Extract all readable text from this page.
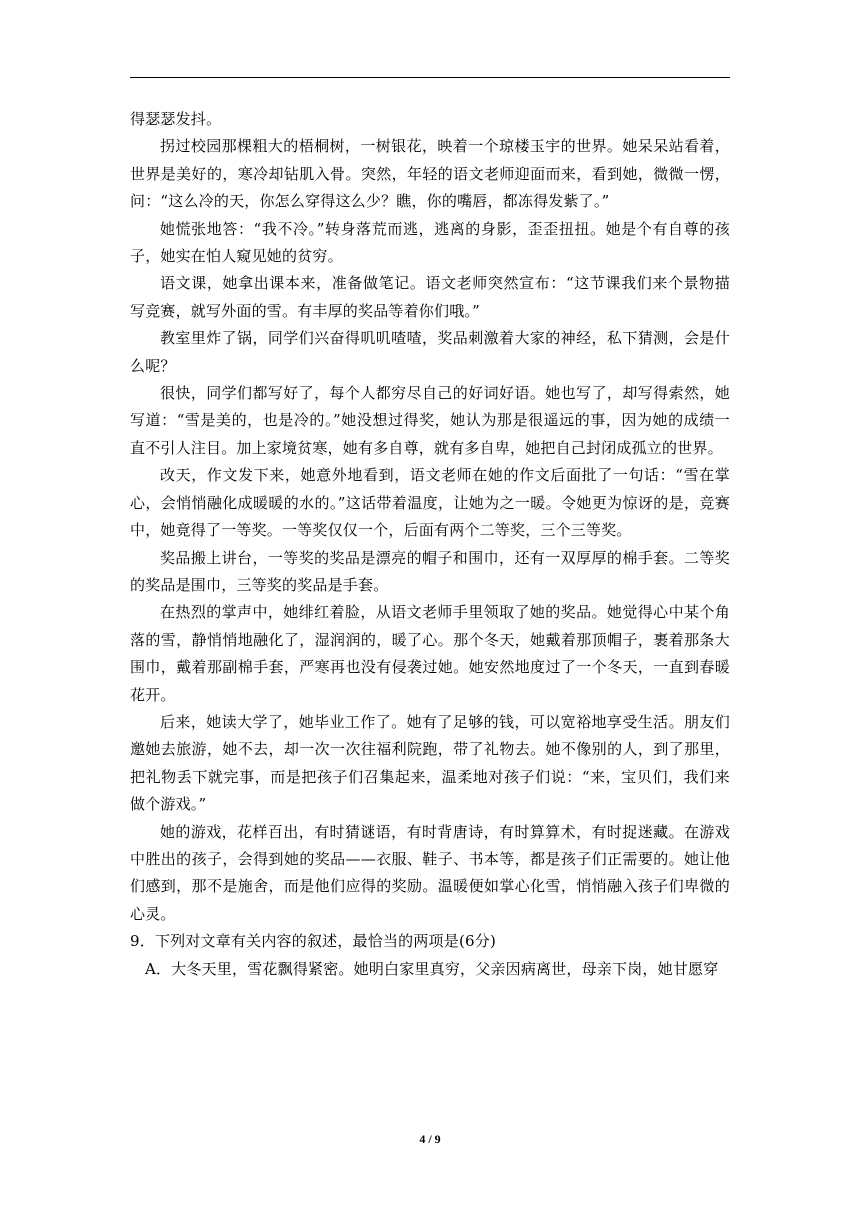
得瑟瑟发抖。

拐过校园那棵粗大的梧桐树，一树银花，映着一个琼楼玉宇的世界。她呆呆站看着，世界是美好的，寒冷却钻肌入骨。突然，年轻的语文老师迎面而来，看到她，微微一愣，问：“这么冷的天，你怎么穿得这么少？瞧，你的嘴唇，都冻得发紫了。”

她慌张地答：“我不冷。”转身落荒而逃，逃离的身影，歪歪扭扭。她是个有自尊的孩子，她实在怕人窥见她的贫穷。

语文课，她拿出课本来，准备做笔记。语文老师突然宣布：“这节课我们来个景物描写竞赛，就写外面的雪。有丰厚的奖品等着你们哦。”

教室里炸了锅，同学们兴奋得叽叽喳喳，奖品刺激着大家的神经，私下猜测，会是什么呢？

很快，同学们都写好了，每个人都穷尽自己的好词好语。她也写了，却写得索然，她写道：“雪是美的，也是冷的。”她没想过得奖，她认为那是很遥远的事，因为她的成绩一直不引人注目。加上家境贫寒，她有多自尊，就有多自卑，她把自己封闭成孤立的世界。

改天，作文发下来，她意外地看到，语文老师在她的作文后面批了一句话：“雪在掌心，会悄悄融化成暖暖的水的。”这话带着温度，让她为之一暖。令她更为惊讶的是，竞赛中，她竟得了一等奖。一等奖仅仅一个，后面有两个二等奖，三个三等奖。

奖品搬上讲台，一等奖的奖品是漂亮的帽子和围巾，还有一双厚厚的棉手套。二等奖的奖品是围巾，三等奖的奖品是手套。

在热烈的掌声中，她绯红着脸，从语文老师手里领取了她的奖品。她觉得心中某个角落的雪，静悄悄地融化了，湿润润的，暖了心。那个冬天，她戴着那顶帽子，裹着那条大围巾，戴着那副棉手套，严寒再也没有侵袭过她。她安然地度过了一个冬天，一直到春暖花开。

后来，她读大学了，她毕业工作了。她有了足够的钱，可以宽裕地享受生活。朋友们邀她去旅游，她不去，却一次一次往福利院跑，带了礼物去。她不像别的人，到了那里，把礼物丢下就完事，而是把孩子们召集起来，温柔地对孩子们说：“来，宝贝们，我们来做个游戏。”

她的游戏，花样百出，有时猜谜语，有时背唐诗，有时算算术，有时捉迷藏。在游戏中胜出的孩子，会得到她的奖品——衣服、鞋子、书本等，都是孩子们正需要的。她让他们感到，那不是施舍，而是他们应得的奖励。温暖便如掌心化雪，悄悄融入孩子们卑微的心灵。

9．下列对文章有关内容的叙述，最恰当的两项是(6分)

A．大冬天里，雪花飘得紧密。她明白家里真穷，父亲因病离世，母亲下岗，她甘愿穿

4 / 9
